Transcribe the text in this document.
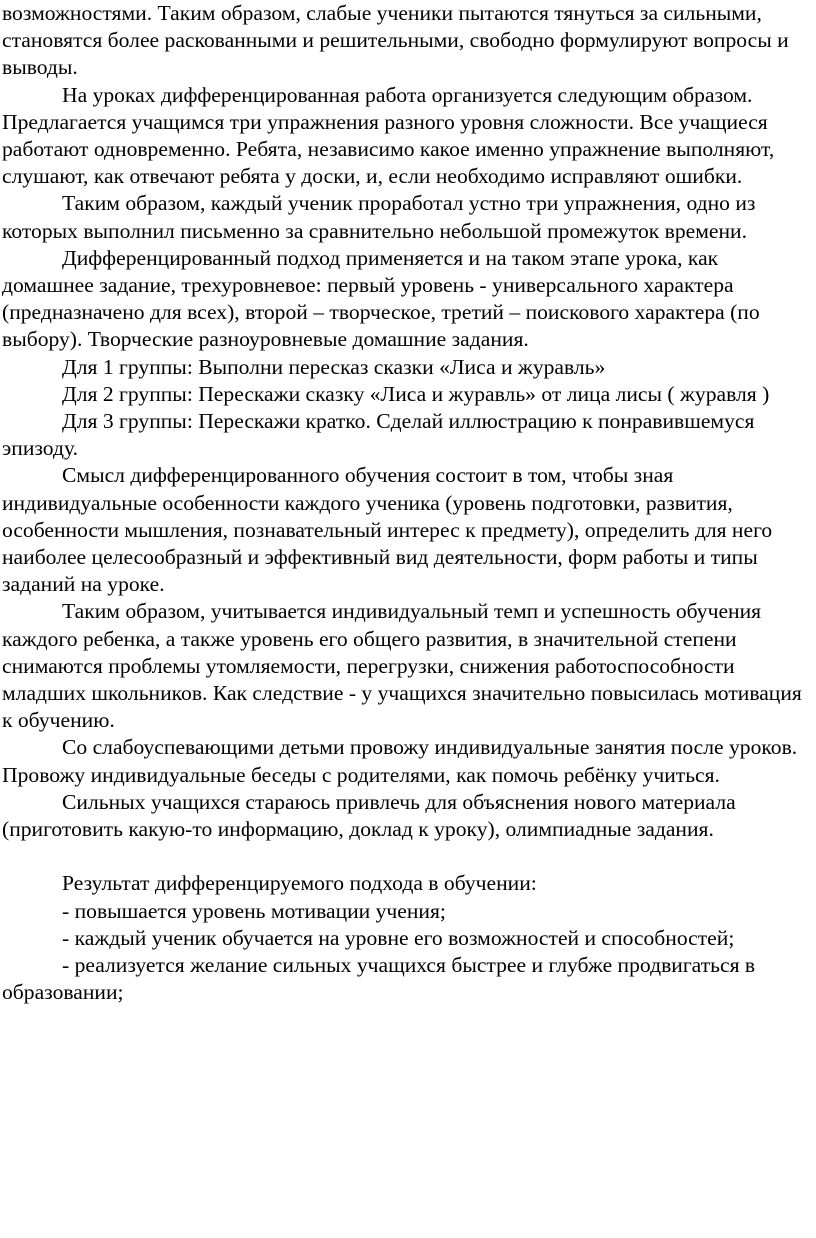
возможностями. Таким образом, слабые ученики пытаются тянуться за сильными, становятся более раскованными и решительными, свободно формулируют вопросы и выводы.

На уроках дифференцированная работа организуется следующим образом. Предлагается учащимся три упражнения разного уровня сложности. Все учащиеся работают одновременно. Ребята, независимо какое именно упражнение выполняют, слушают, как отвечают ребята у доски, и, если необходимо исправляют ошибки.

Таким образом, каждый ученик проработал устно три упражнения, одно из которых выполнил письменно за сравнительно небольшой промежуток времени.

Дифференцированный подход применяется и на таком этапе урока, как домашнее задание, трехуровневое: первый уровень - универсального характера (предназначено для всех), второй – творческое, третий – поискового характера (по выбору). Творческие разноуровневые домашние задания.

Для 1 группы: Выполни пересказ сказки «Лиса и журавль»

Для 2 группы: Перескажи сказку «Лиса и журавль» от лица лисы ( журавля )

Для 3 группы: Перескажи кратко. Сделай иллюстрацию к понравившемуся эпизоду.

Смысл дифференцированного обучения состоит в том, чтобы зная индивидуальные особенности каждого ученика (уровень подготовки, развития, особенности мышления, познавательный интерес к предмету), определить для него наиболее целесообразный и эффективный вид деятельности, форм работы и типы заданий на уроке.

Таким образом, учитывается индивидуальный темп и успешность обучения каждого ребенка, а также уровень его общего развития, в значительной степени снимаются проблемы утомляемости, перегрузки, снижения работоспособности младших школьников. Как следствие - у учащихся значительно повысилась мотивация к обучению.

Со слабоуспевающими детьми провожу индивидуальные занятия после уроков. Провожу индивидуальные беседы с родителями, как помочь ребёнку учиться.

Сильных учащихся стараюсь привлечь для объяснения нового материала (приготовить какую-то информацию, доклад к уроку), олимпиадные задания.

Результат дифференцируемого подхода в обучении:

- повышается уровень мотивации учения;

- каждый ученик обучается на уровне его возможностей и способностей;

- реализуется желание сильных учащихся быстрее и глубже продвигаться в образовании;
